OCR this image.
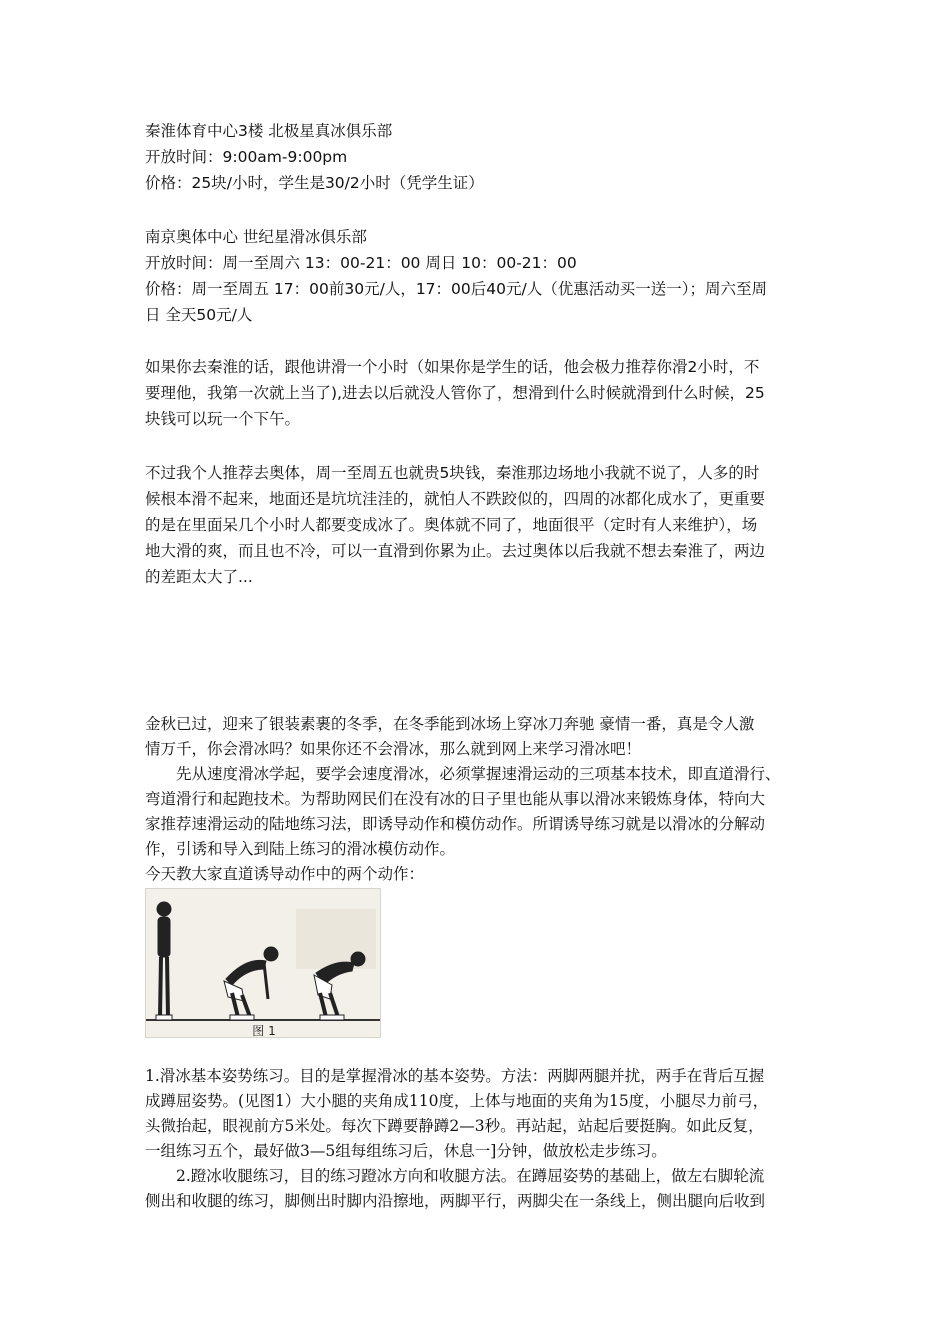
秦淮体育中心3楼 北极星真冰俱乐部
开放时间：9:00am-9:00pm
价格：25块/小时，学生是30/2小时（凭学生证）
南京奥体中心 世纪星滑冰俱乐部
开放时间：周一至周六 13：00-21：00 周日 10：00-21：00
价格：周一至周五 17：00前30元/人，17：00后40元/人（优惠活动买一送一）；周六至周
日 全天50元/人
如果你去秦淮的话，跟他讲滑一个小时（如果你是学生的话，他会极力推荐你滑2小时，不
要理他，我第一次就上当了),进去以后就没人管你了，想滑到什么时候就滑到什么时候，25
块钱可以玩一个下午。
不过我个人推荐去奥体，周一至周五也就贵5块钱，秦淮那边场地小我就不说了，人多的时
候根本滑不起来，地面还是坑坑洼洼的，就怕人不跌跤似的，四周的冰都化成水了，更重要
的是在里面呆几个小时人都要变成冰了。奥体就不同了，地面很平（定时有人来维护），场
地大滑的爽，而且也不冷，可以一直滑到你累为止。去过奥体以后我就不想去秦淮了，两边
的差距太大了...
金秋已过，迎来了银装素裹的冬季，在冬季能到冰场上穿冰刀奔驰 豪情一番，真是令人激
情万千，你会滑冰吗？如果你还不会滑冰，那么就到网上来学习滑冰吧！
先从速度滑冰学起，要学会速度滑冰，必须掌握速滑运动的三项基本技术，即直道滑行、
弯道滑行和起跑技术。为帮助网民们在没有冰的日子里也能从事以滑冰来锻炼身体，特向大
家推荐速滑运动的陆地练习法，即诱导动作和模仿动作。所谓诱导练习就是以滑冰的分解动
作，引诱和导入到陆上练习的滑冰模仿动作。
今天教大家直道诱导动作中的两个动作：
图 1
1.滑冰基本姿势练习。目的是掌握滑冰的基本姿势。方法：两脚两腿并扰，两手在背后互握
成蹲屈姿势。(见图1）大小腿的夹角成110度，上体与地面的夹角为15度，小腿尽力前弓，
头微抬起，眼视前方5米处。每次下蹲要静蹲2—3秒。再站起，站起后要挺胸。如此反复，
一组练习五个，最好做3—5组每组练习后，休息一]分钟，做放松走步练习。
2.蹬冰收腿练习，目的练习蹬冰方向和收腿方法。在蹲屈姿势的基础上，做左右脚轮流
侧出和收腿的练习，脚侧出时脚内沿擦地，两脚平行，两脚尖在一条线上，侧出腿向后收到
